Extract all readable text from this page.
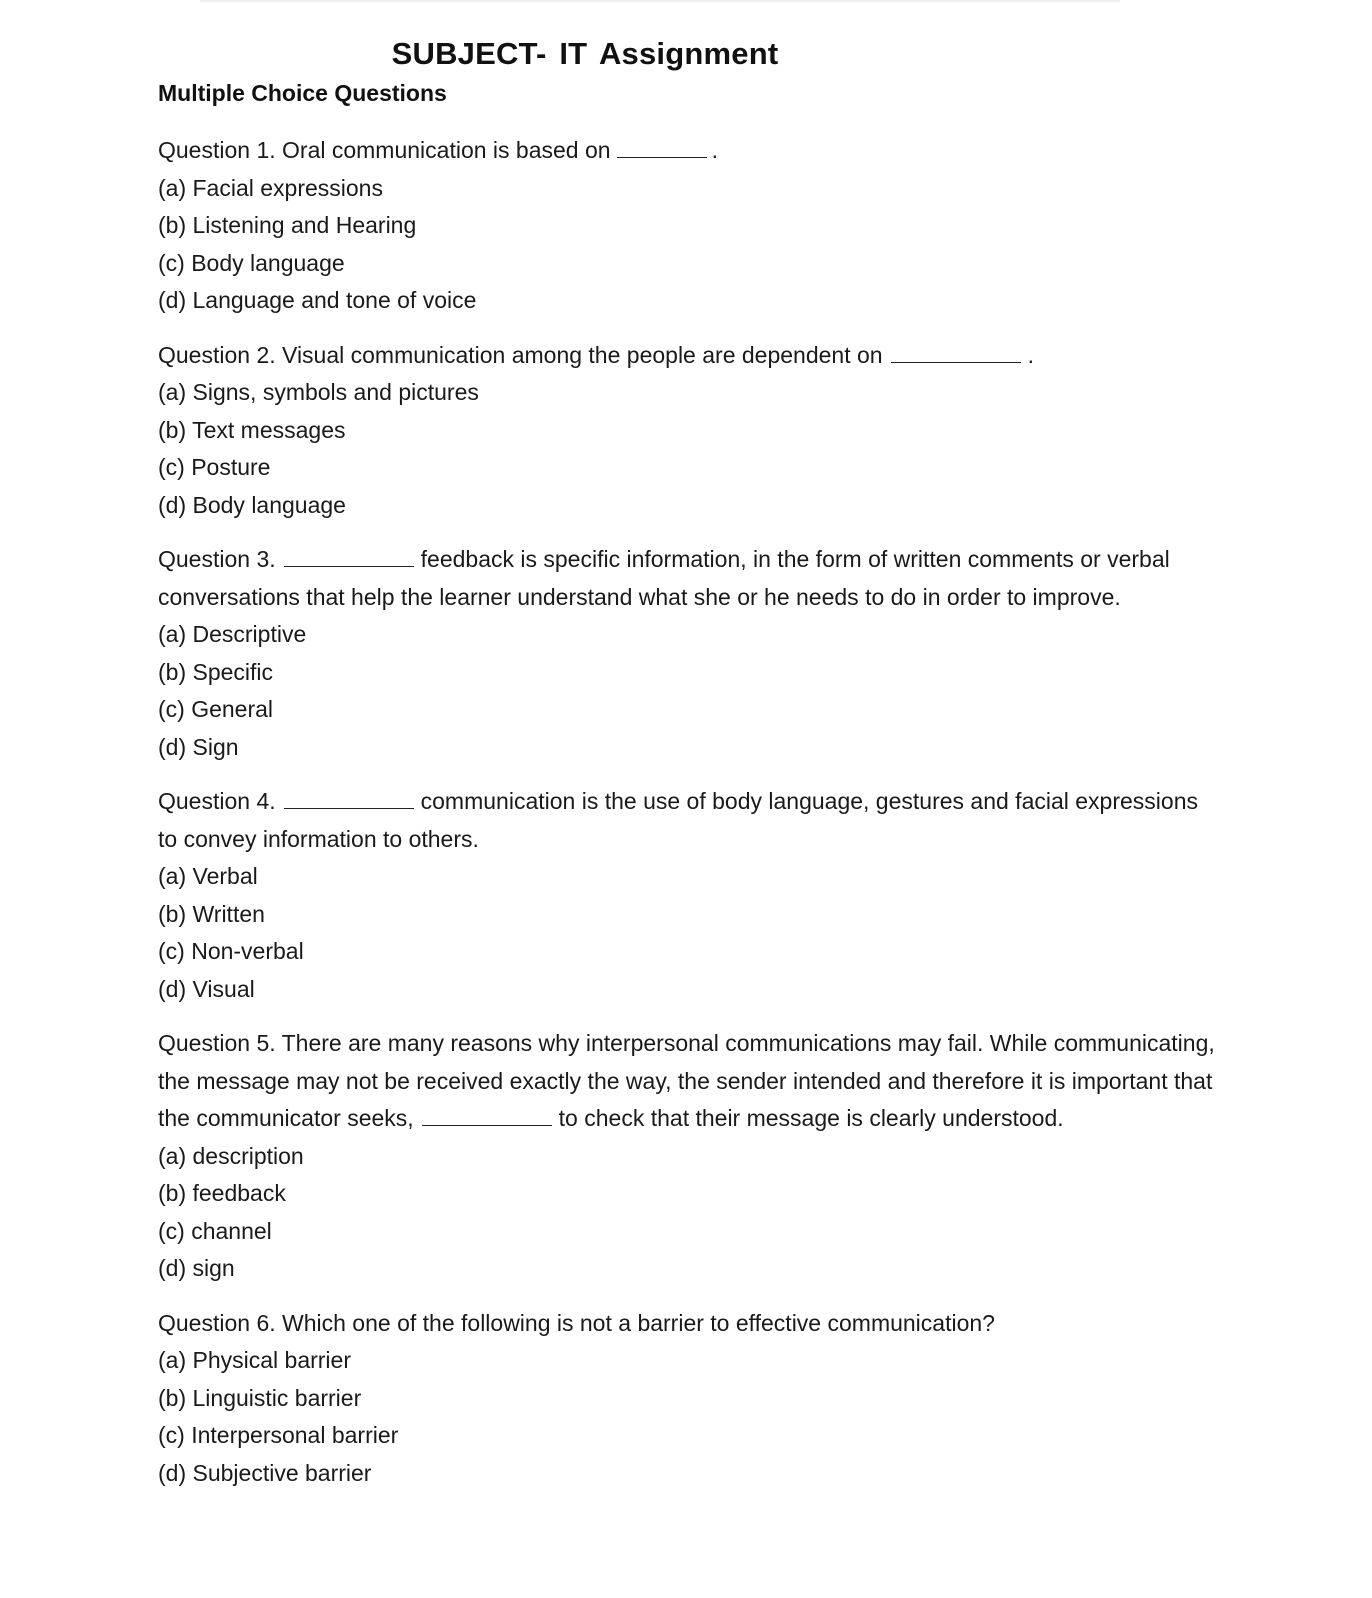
SUBJECT- IT Assignment
Multiple Choice Questions

Question 1. Oral communication is based on	.

(a) Facial expressions

(b) Listening and Hearing

(c) Body language

(d) Language and tone of voice

Question 2. Visual communication among the people are dependent on	.

(a) Signs, symbols and pictures

(b) Text messages

(c) Posture

(d) Body language

Question 3.	feedback is specific information, in the form of written comments or verbal conversations that help the learner understand what she or he needs to do in order to improve.

(a) Descriptive

(b) Specific

(c) General

(d) Sign

Question 4.	communication is the use of body language, gestures and facial expressions to convey information to others.

(a) Verbal

(b) Written

(c) Non-verbal

(d) Visual

Question 5. There are many reasons why interpersonal communications may fail. While communicating, the message may not be received exactly the way, the sender intended and therefore it is important that the communicator seeks,	to check that their message is clearly understood.

(a) description

(b) feedback

(c) channel

(d) sign

Question 6. Which one of the following is not a barrier to effective communication?

(a) Physical barrier

(b) Linguistic barrier

(c) Interpersonal barrier

(d) Subjective barrier
